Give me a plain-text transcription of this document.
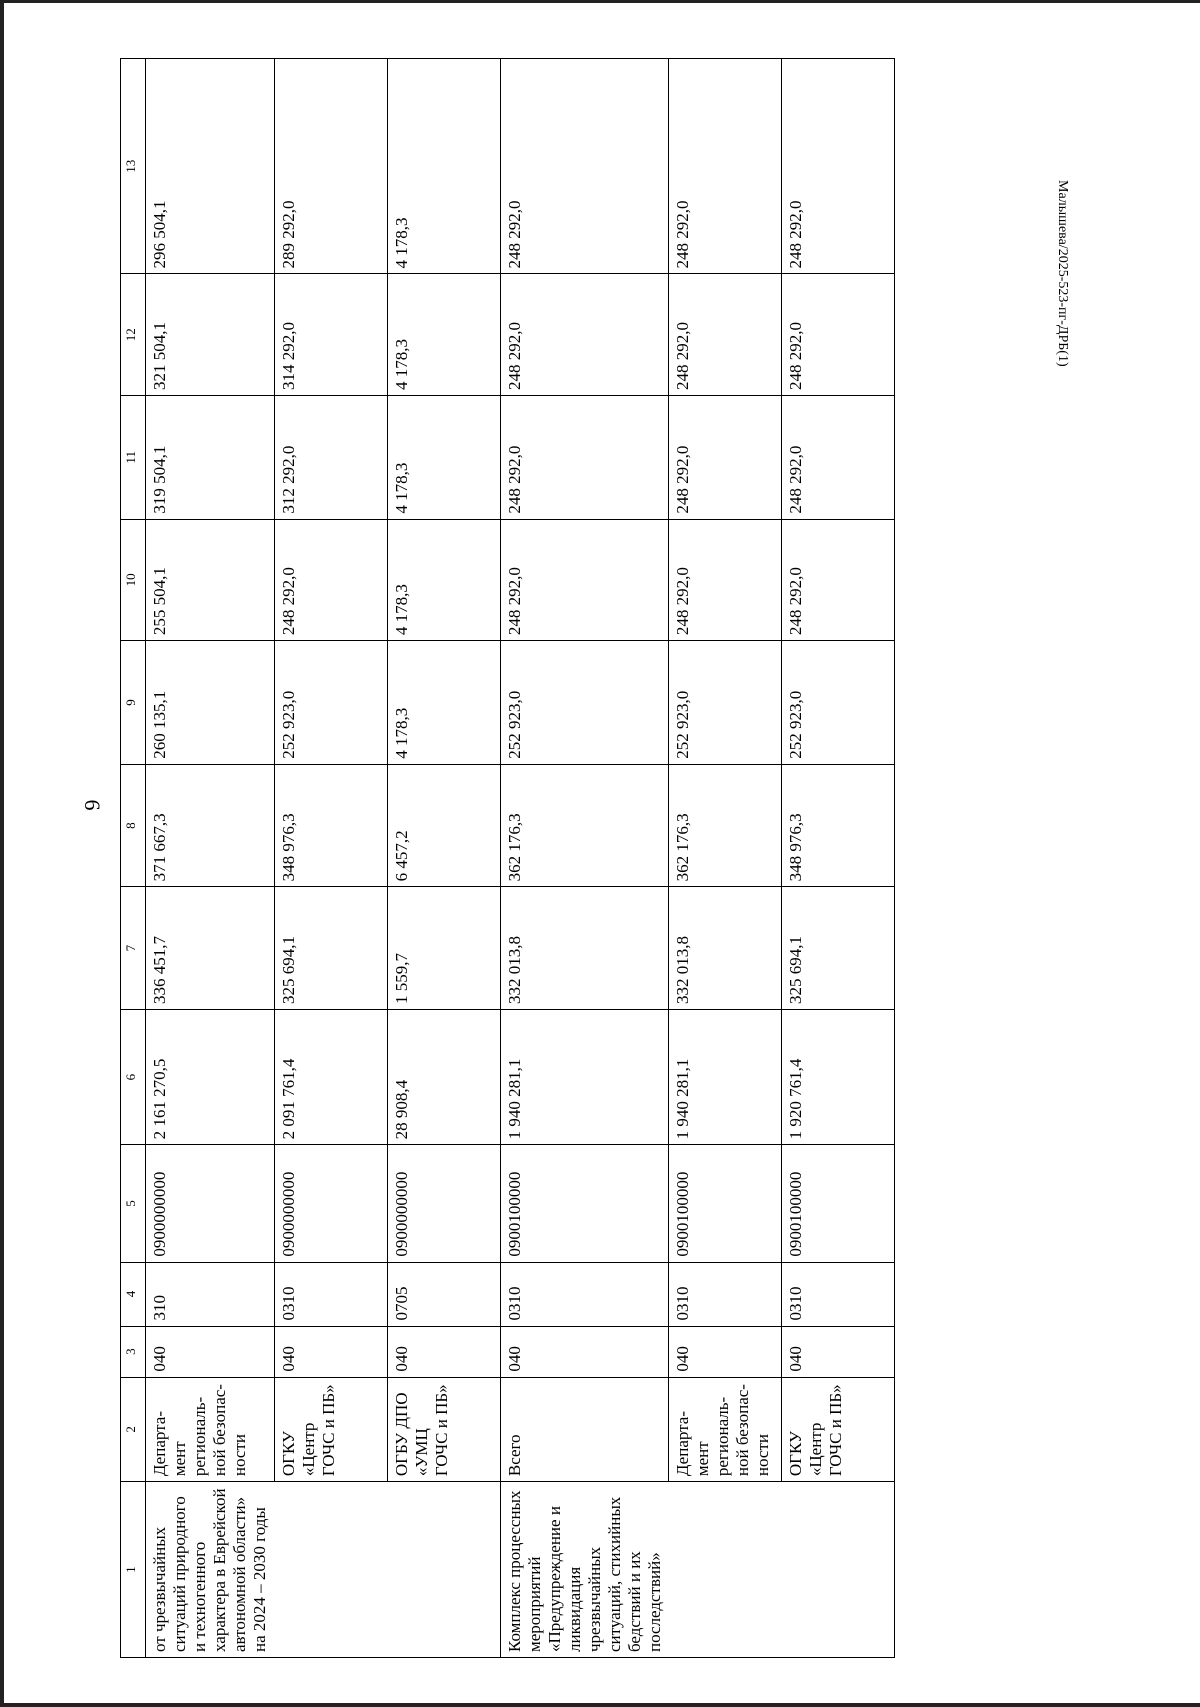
6
Малышева/2025-523-пг-ДРБ(1)
1	2	3	4	5	6	7	8	9	10	11	12	13
от чрезвычайных ситуаций природного и техногенного характера в Еврейской автономной области» на 2024 – 2030 годы	Департа-мент региональ-ной безопас-ности	040	310	0900000000	2 161 270,5	336 451,7	371 667,3	260 135,1	255 504,1	319 504,1	321 504,1	296 504,1
	ОГКУ «Центр ГОЧС и ПБ»	040	0310	0900000000	2 091 761,4	325 694,1	348 976,3	252 923,0	248 292,0	312 292,0	314 292,0	289 292,0
	ОГБУ ДПО «УМЦ ГОЧС и ПБ»	040	0705	0900000000	28 908,4	1 559,7	6 457,2	4 178,3	4 178,3	4 178,3	4 178,3	4 178,3
Комплекс процессных мероприятий «Предупреждение и ликвидация чрезвычайных ситуаций, стихийных бедствий и их последствий»	Всего	040	0310	0900100000	1 940 281,1	332 013,8	362 176,3	252 923,0	248 292,0	248 292,0	248 292,0	248 292,0
	Департа-мент региональ-ной безопас-ности	040	0310	0900100000	1 940 281,1	332 013,8	362 176,3	252 923,0	248 292,0	248 292,0	248 292,0	248 292,0
	ОГКУ «Центр ГОЧС и ПБ»	040	0310	0900100000	1 920 761,4	325 694,1	348 976,3	252 923,0	248 292,0	248 292,0	248 292,0	248 292,0
